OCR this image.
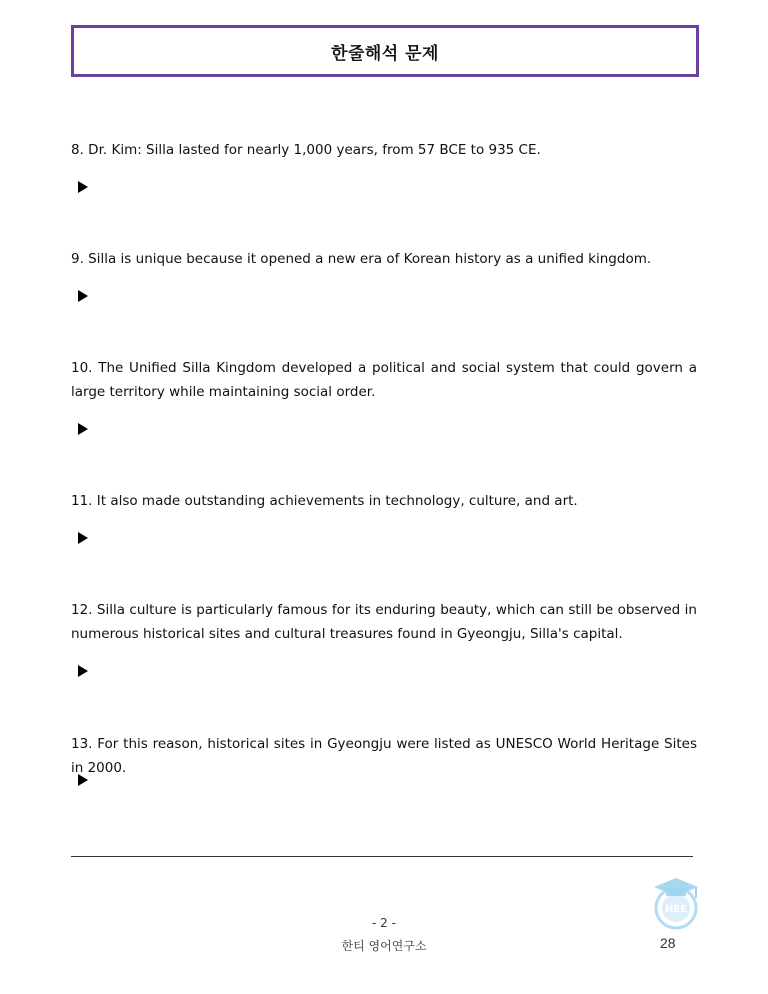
한줄해석 문제
8. Dr. Kim: Silla lasted for nearly 1,000 years, from 57 BCE to 935 CE.
9. Silla is unique because it opened a new era of Korean history as a unified kingdom.
10. The Unified Silla Kingdom developed a political and social system that could govern a large territory while maintaining social order.
11. It also made outstanding achievements in technology, culture, and art.
12. Silla culture is particularly famous for its enduring beauty, which can still be observed in numerous historical sites and cultural treasures found in Gyeongju, Silla's capital.
13. For this reason, historical sites in Gyeongju were listed as UNESCO World Heritage Sites in 2000.
HEE
- 2 -
한티 영어연구소	28
